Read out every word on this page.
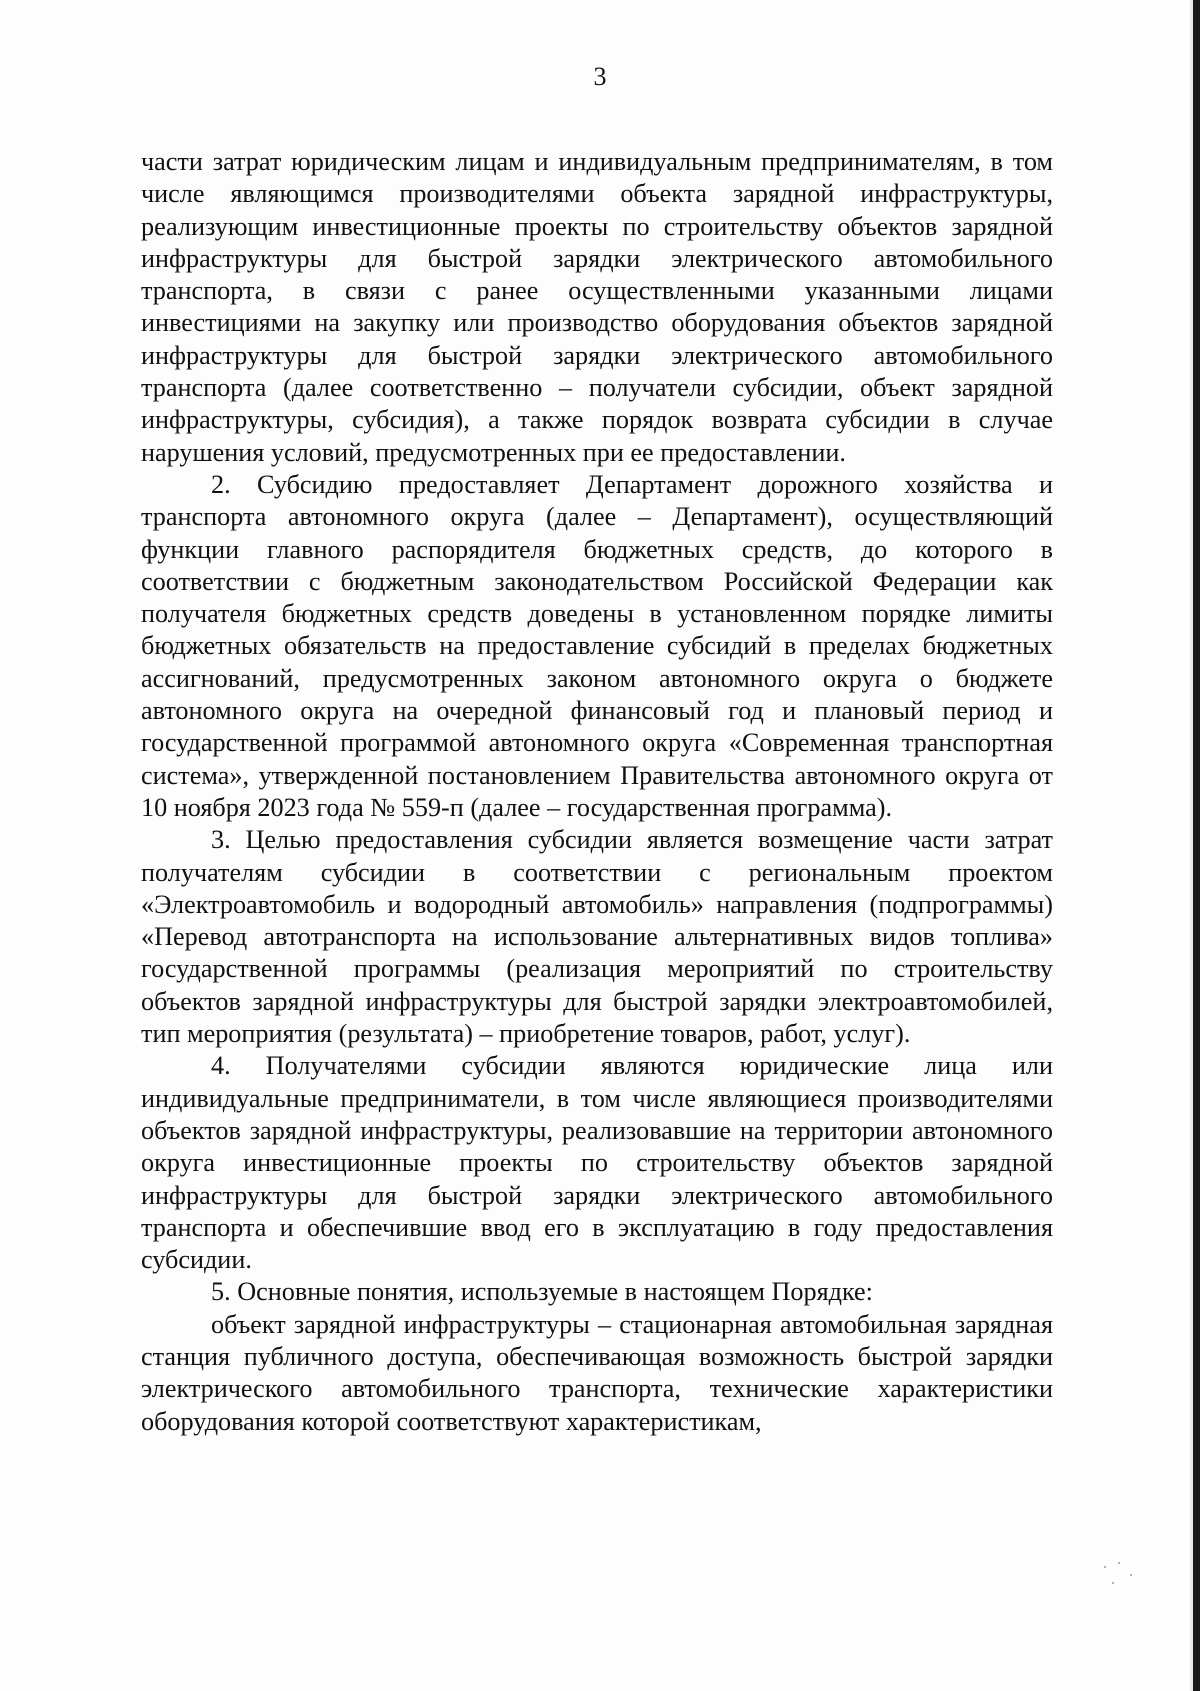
3

части затрат юридическим лицам и индивидуальным предпринимателям, в том числе являющимся производителями объекта зарядной инфраструктуры, реализующим инвестиционные проекты по строительству объектов зарядной инфраструктуры для быстрой зарядки электрического автомобильного транспорта, в связи с ранее осуществленными указанными лицами инвестициями на закупку или производство оборудования объектов зарядной инфраструктуры для быстрой зарядки электрического автомобильного транспорта (далее соответственно – получатели субсидии, объект зарядной инфраструктуры, субсидия), а также порядок возврата субсидии в случае нарушения условий, предусмотренных при ее предоставлении.

2. Субсидию предоставляет Департамент дорожного хозяйства и транспорта автономного округа (далее – Департамент), осуществляющий функции главного распорядителя бюджетных средств, до которого в соответствии с бюджетным законодательством Российской Федерации как получателя бюджетных средств доведены в установленном порядке лимиты бюджетных обязательств на предоставление субсидий в пределах бюджетных ассигнований, предусмотренных законом автономного округа о бюджете автономного округа на очередной финансовый год и плановый период и государственной программой автономного округа «Современная транспортная система», утвержденной постановлением Правительства автономного округа от 10 ноября 2023 года № 559-п (далее – государственная программа).

3. Целью предоставления субсидии является возмещение части затрат получателям субсидии в соответствии с региональным проектом «Электроавтомобиль и водородный автомобиль» направления (подпрограммы) «Перевод автотранспорта на использование альтернативных видов топлива» государственной программы (реализация мероприятий по строительству объектов зарядной инфраструктуры для быстрой зарядки электроавтомобилей, тип мероприятия (результата) – приобретение товаров, работ, услуг).

4. Получателями субсидии являются юридические лица или индивидуальные предприниматели, в том числе являющиеся производителями объектов зарядной инфраструктуры, реализовавшие на территории автономного округа инвестиционные проекты по строительству объектов зарядной инфраструктуры для быстрой зарядки электрического автомобильного транспорта и обеспечившие ввод его в эксплуатацию в году предоставления субсидии.

5. Основные понятия, используемые в настоящем Порядке:

объект зарядной инфраструктуры – стационарная автомобильная зарядная станция публичного доступа, обеспечивающая возможность быстрой зарядки электрического автомобильного транспорта, технические характеристики оборудования которой соответствуют характеристикам,
